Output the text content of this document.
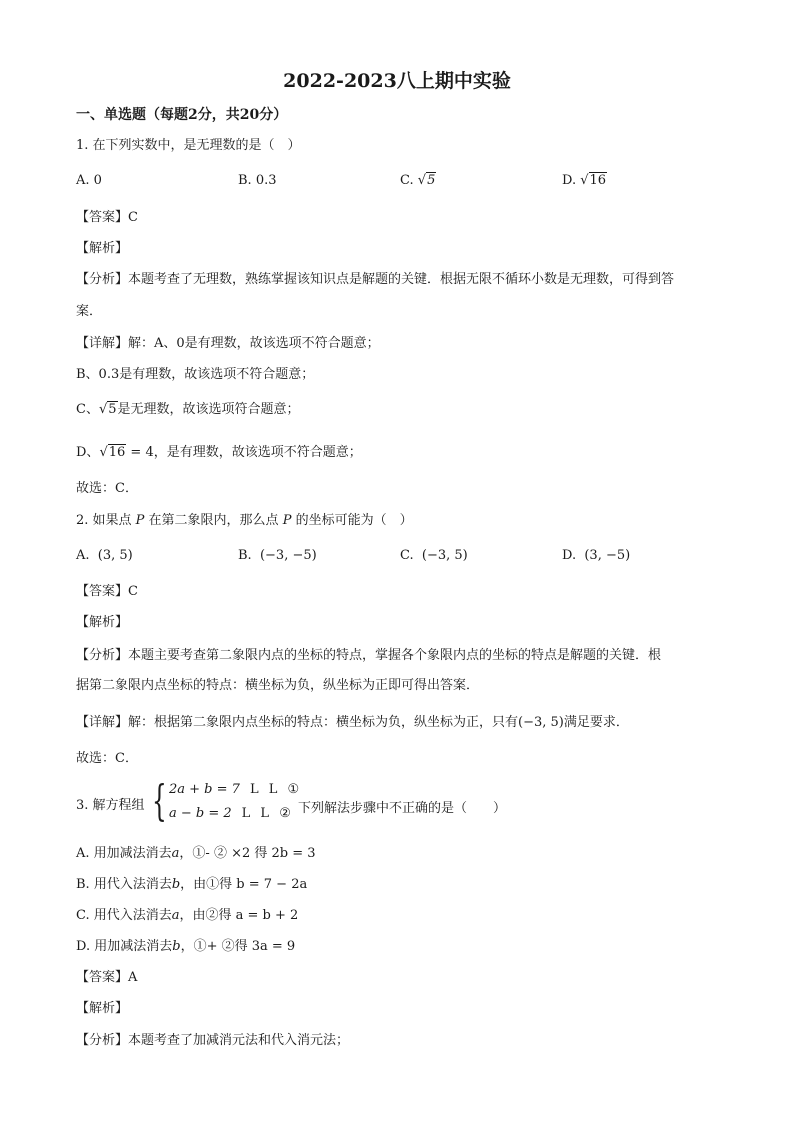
2022-2023八上期中实验
一、单选题（每题2分，共20分）
1. 在下列实数中，是无理数的是（　）
A. 0	B. 0.3	C. √5	D. √16
【答案】C
【解析】
【分析】本题考查了无理数，熟练掌握该知识点是解题的关键．根据无限不循环小数是无理数，可得到答
案．
【详解】解：A、0是有理数，故该选项不符合题意；
B、0.3是有理数，故该选项不符合题意；
C、√5是无理数，故该选项符合题意；
D、√16 = 4，是有理数，故该选项不符合题意；
故选：C．
2. 如果点 P 在第二象限内，那么点 P 的坐标可能为（　）
A. (3, 5)	B. (−3, −5)	C. (−3, 5)	D. (3, −5)
【答案】C
【解析】
【分析】本题主要考查第二象限内点的坐标的特点，掌握各个象限内点的坐标的特点是解题的关键．根
据第二象限内点坐标的特点：横坐标为负，纵坐标为正即可得出答案．
【详解】解：根据第二象限内点坐标的特点：横坐标为负，纵坐标为正，只有(−3, 5)满足要求．
故选：C．
3. 解方程组 { 2a + b = 7 L L ①
a − b = 2 L L ② 下列解法步骤中不正确的是（　　）
A. 用加减法消去a，①- ② ×2 得 2b = 3
B. 用代入法消去b，由①得 b = 7 − 2a
C. 用代入法消去a，由②得 a = b + 2
D. 用加减法消去b，①+ ②得 3a = 9
【答案】A
【解析】
【分析】本题考查了加减消元法和代入消元法；
